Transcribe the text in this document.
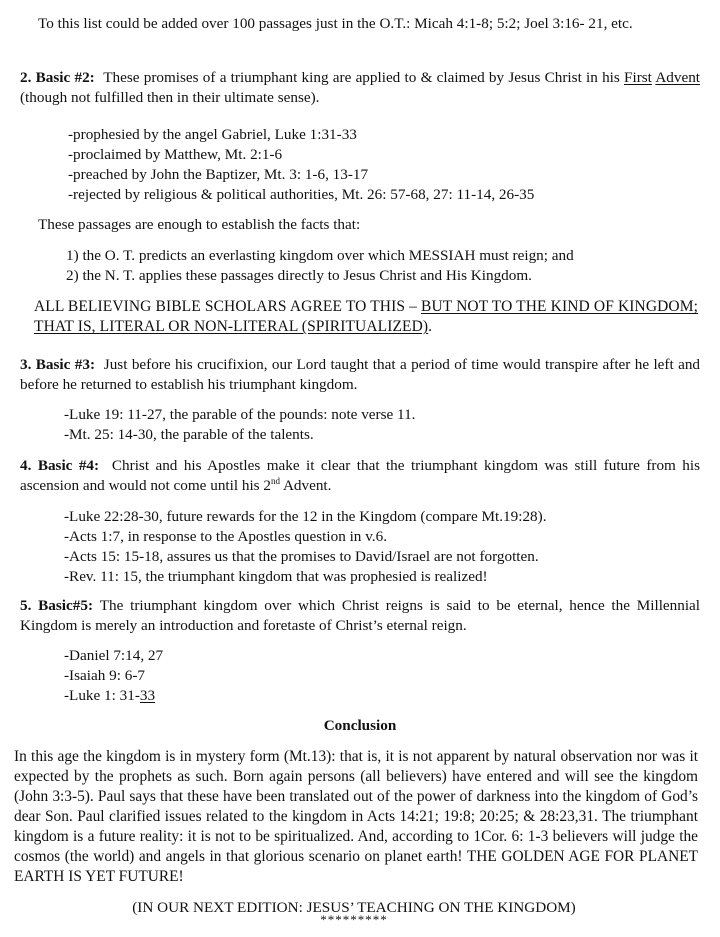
To this list could be added over 100 passages just in the O.T.: Micah 4:1-8; 5:2; Joel 3:16- 21, etc.
2. Basic #2: These promises of a triumphant king are applied to & claimed by Jesus Christ in his First Advent (though not fulfilled then in their ultimate sense).

-prophesied by the angel Gabriel, Luke 1:31-33

-proclaimed by Matthew, Mt. 2:1-6

-preached by John the Baptizer, Mt. 3: 1-6, 13-17

-rejected by religious & political authorities, Mt. 26: 57-68, 27: 11-14, 26-35

These passages are enough to establish the facts that:

1) the O. T. predicts an everlasting kingdom over which MESSIAH must reign; and

2) the N. T. applies these passages directly to Jesus Christ and His Kingdom.

ALL BELIEVING BIBLE SCHOLARS AGREE TO THIS – BUT NOT TO THE KIND OF KINGDOM; THAT IS, LITERAL OR NON-LITERAL (SPIRITUALIZED).
3. Basic #3: Just before his crucifixion, our Lord taught that a period of time would transpire after he left and before he returned to establish his triumphant kingdom.

-Luke 19: 11-27, the parable of the pounds: note verse 11.

-Mt. 25: 14-30, the parable of the talents.

4. Basic #4: Christ and his Apostles make it clear that the triumphant kingdom was still future from his ascension and would not come until his 2nd Advent.

-Luke 22:28-30, future rewards for the 12 in the Kingdom (compare Mt.19:28).

-Acts 1:7, in response to the Apostles question in v.6.

-Acts 15: 15-18, assures us that the promises to David/Israel are not forgotten.

-Rev. 11: 15, the triumphant kingdom that was prophesied is realized!

5. Basic#5: The triumphant kingdom over which Christ reigns is said to be eternal, hence the Millennial Kingdom is merely an introduction and foretaste of Christ’s eternal reign.

-Daniel 7:14, 27

-Isaiah 9: 6-7

-Luke 1: 31-33

Conclusion
In this age the kingdom is in mystery form (Mt.13): that is, it is not apparent by natural observation nor was it expected by the prophets as such. Born again persons (all believers) have entered and will see the kingdom (John 3:3-5). Paul says that these have been translated out of the power of darkness into the kingdom of God’s dear Son. Paul clarified issues related to the kingdom in Acts 14:21; 19:8; 20:25; & 28:23,31. The triumphant kingdom is a future reality: it is not to be spiritualized. And, according to 1Cor. 6: 1-3 believers will judge the cosmos (the world) and angels in that glorious scenario on planet earth! THE GOLDEN AGE FOR PLANET EARTH IS YET FUTURE!
(IN OUR NEXT EDITION: JESUS’ TEACHING ON THE KINGDOM)
*********
